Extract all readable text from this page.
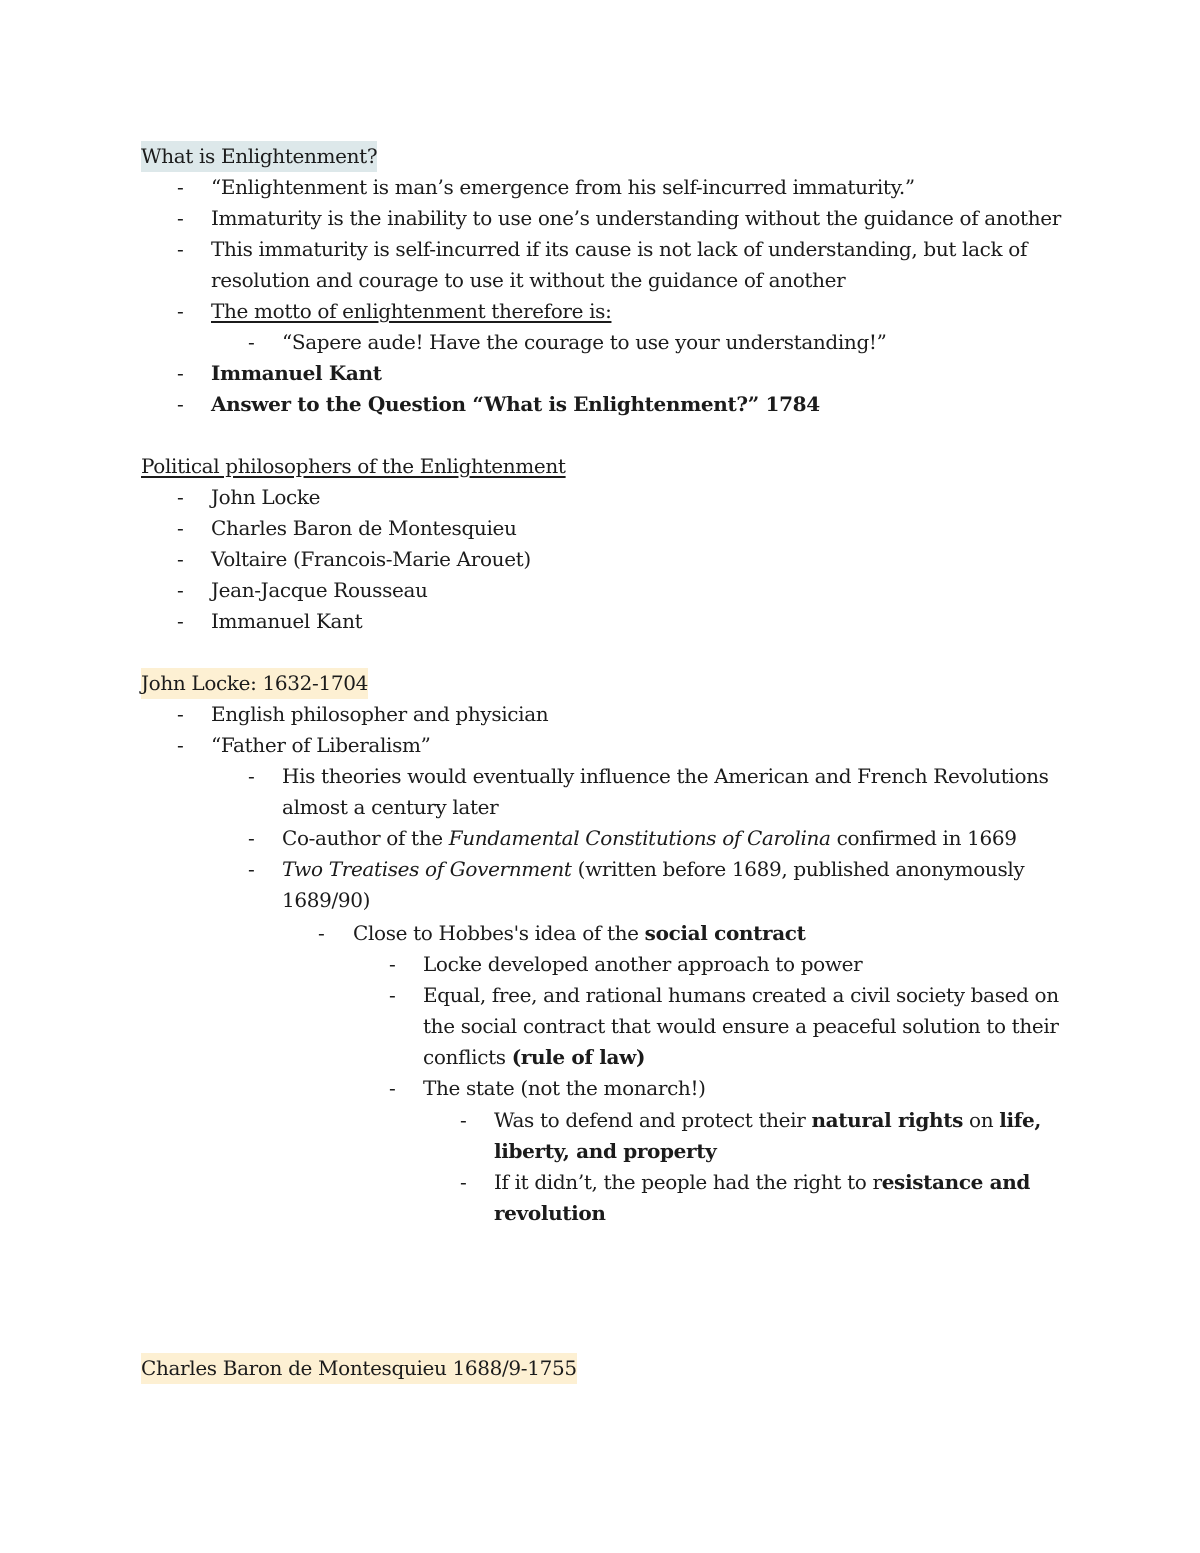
What is Enlightenment?
-	“Enlightenment is man’s emergence from his self-incurred immaturity.”
-	Immaturity is the inability to use one’s understanding without the guidance of another
-	This immaturity is self-incurred if its cause is not lack of understanding, but lack of
resolution and courage to use it without the guidance of another
-	The motto of enlightenment therefore is:
-	“Sapere aude! Have the courage to use your understanding!”
-	Immanuel Kant
-	Answer to the Question “What is Enlightenment?” 1784
Political philosophers of the Enlightenment
-	John Locke
-	Charles Baron de Montesquieu
-	Voltaire (Francois-Marie Arouet)
-	Jean-Jacque Rousseau
-	Immanuel Kant
John Locke: 1632-1704
-	English philosopher and physician
-	“Father of Liberalism”
-	His theories would eventually influence the American and French Revolutions
almost a century later
-	Co-author of the Fundamental Constitutions of Carolina confirmed in 1669
-	Two Treatises of Government (written before 1689, published anonymously
1689/90)
-	Close to Hobbes's idea of the social contract
-	Locke developed another approach to power
-	Equal, free, and rational humans created a civil society based on
the social contract that would ensure a peaceful solution to their
conflicts (rule of law)
-	The state (not the monarch!)
-	Was to defend and protect their natural rights on life,
liberty, and property
-	If it didn’t, the people had the right to resistance and
revolution
Charles Baron de Montesquieu 1688/9-1755
